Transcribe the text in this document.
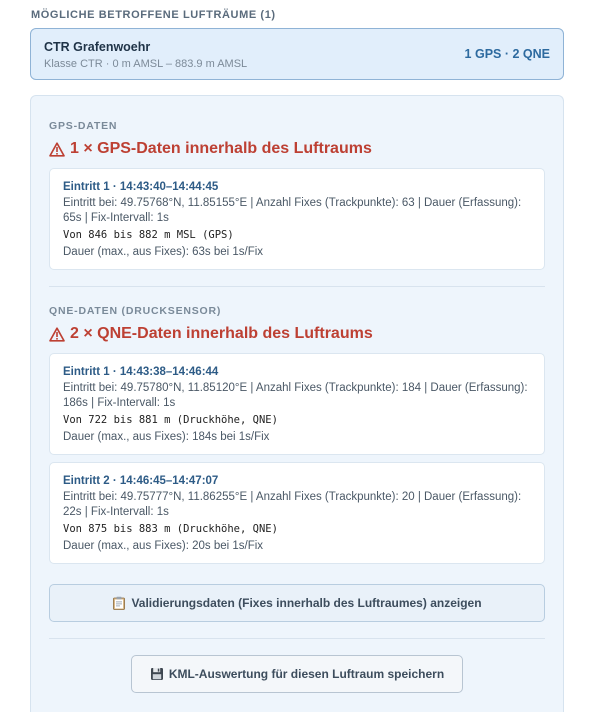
MÖGLICHE BETROFFENE LUFTRÄUME (1)
CTR Grafenwoehr
Klasse CTR · 0 m AMSL – 883.9 m AMSL
1 GPS · 2 QNE
GPS-DATEN
1 × GPS-Daten innerhalb des Luftraums
Eintritt 1 · 14:43:40–14:44:45
Eintritt bei: 49.75768°N, 11.85155°E | Anzahl Fixes (Trackpunkte): 63 | Dauer (Erfassung): 65s | Fix-Intervall: 1s
Von 846 bis 882 m MSL (GPS)
Dauer (max., aus Fixes): 63s bei 1s/Fix
QNE-DATEN (DRUCKSENSOR)
2 × QNE-Daten innerhalb des Luftraums
Eintritt 1 · 14:43:38–14:46:44
Eintritt bei: 49.75780°N, 11.85120°E | Anzahl Fixes (Trackpunkte): 184 | Dauer (Erfassung): 186s | Fix-Intervall: 1s
Von 722 bis 881 m (Druckhöhe, QNE)
Dauer (max., aus Fixes): 184s bei 1s/Fix
Eintritt 2 · 14:46:45–14:47:07
Eintritt bei: 49.75777°N, 11.86255°E | Anzahl Fixes (Trackpunkte): 20 | Dauer (Erfassung): 22s | Fix-Intervall: 1s
Von 875 bis 883 m (Druckhöhe, QNE)
Dauer (max., aus Fixes): 20s bei 1s/Fix
Validierungsdaten (Fixes innerhalb des Luftraumes) anzeigen
KML-Auswertung für diesen Luftraum speichern
